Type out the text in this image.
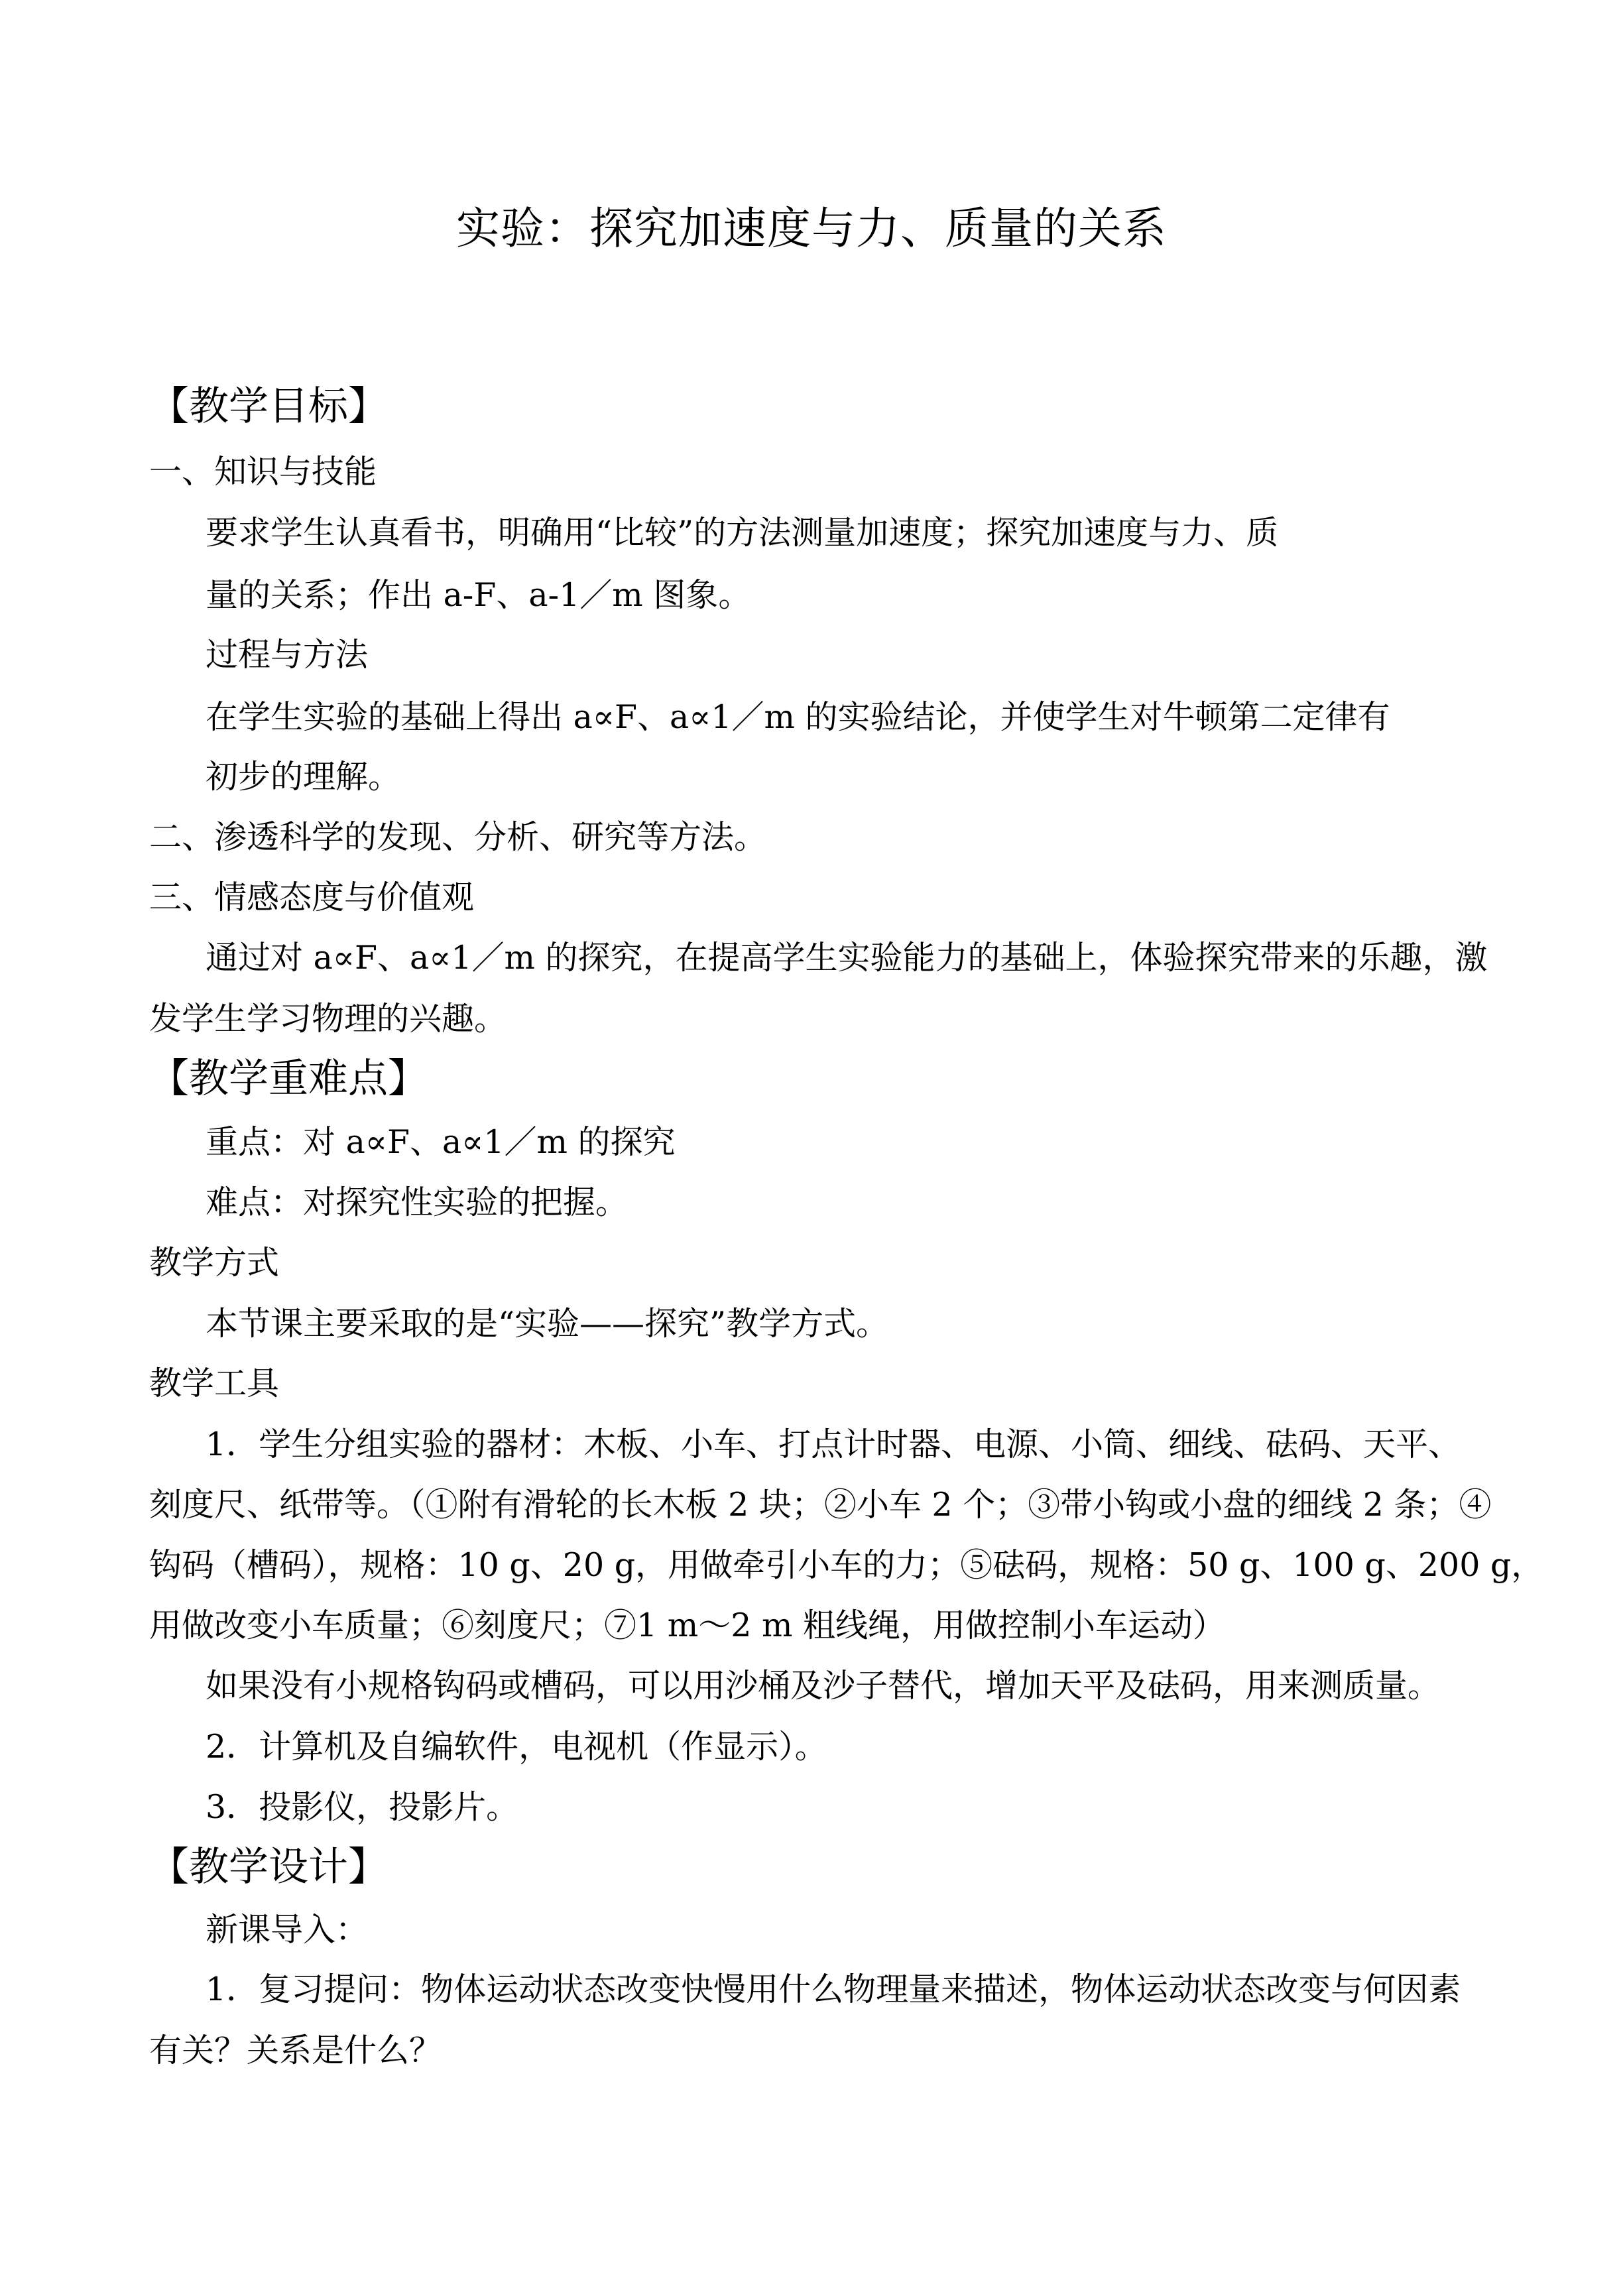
实验：探究加速度与力、质量的关系
【教学目标】
一、知识与技能
要求学生认真看书，明确用“比较”的方法测量加速度；探究加速度与力、质
量的关系；作出 a-F、a-1／m 图象。
过程与方法
在学生实验的基础上得出 a∝F、a∝1／m 的实验结论，并使学生对牛顿第二定律有
初步的理解。
二、渗透科学的发现、分析、研究等方法。
三、情感态度与价值观
通过对 a∝F、a∝1／m 的探究，在提高学生实验能力的基础上，体验探究带来的乐趣，激
发学生学习物理的兴趣。
【教学重难点】
重点：对 a∝F、a∝1／m 的探究
难点：对探究性实验的把握。
教学方式
本节课主要采取的是“实验——探究”教学方式。
教学工具
1．学生分组实验的器材：木板、小车、打点计时器、电源、小筒、细线、砝码、天平、
刻度尺、纸带等。（①附有滑轮的长木板 2 块；②小车 2 个；③带小钩或小盘的细线 2 条；④
钩码（槽码），规格：10 g、20 g，用做牵引小车的力；⑤砝码，规格：50 g、100 g、200 g，
用做改变小车质量；⑥刻度尺；⑦1 m～2 m 粗线绳，用做控制小车运动）
如果没有小规格钩码或槽码，可以用沙桶及沙子替代，增加天平及砝码，用来测质量。
2．计算机及自编软件，电视机（作显示）。
3．投影仪，投影片。
【教学设计】
新课导入：
1．复习提问：物体运动状态改变快慢用什么物理量来描述，物体运动状态改变与何因素
有关？关系是什么？
